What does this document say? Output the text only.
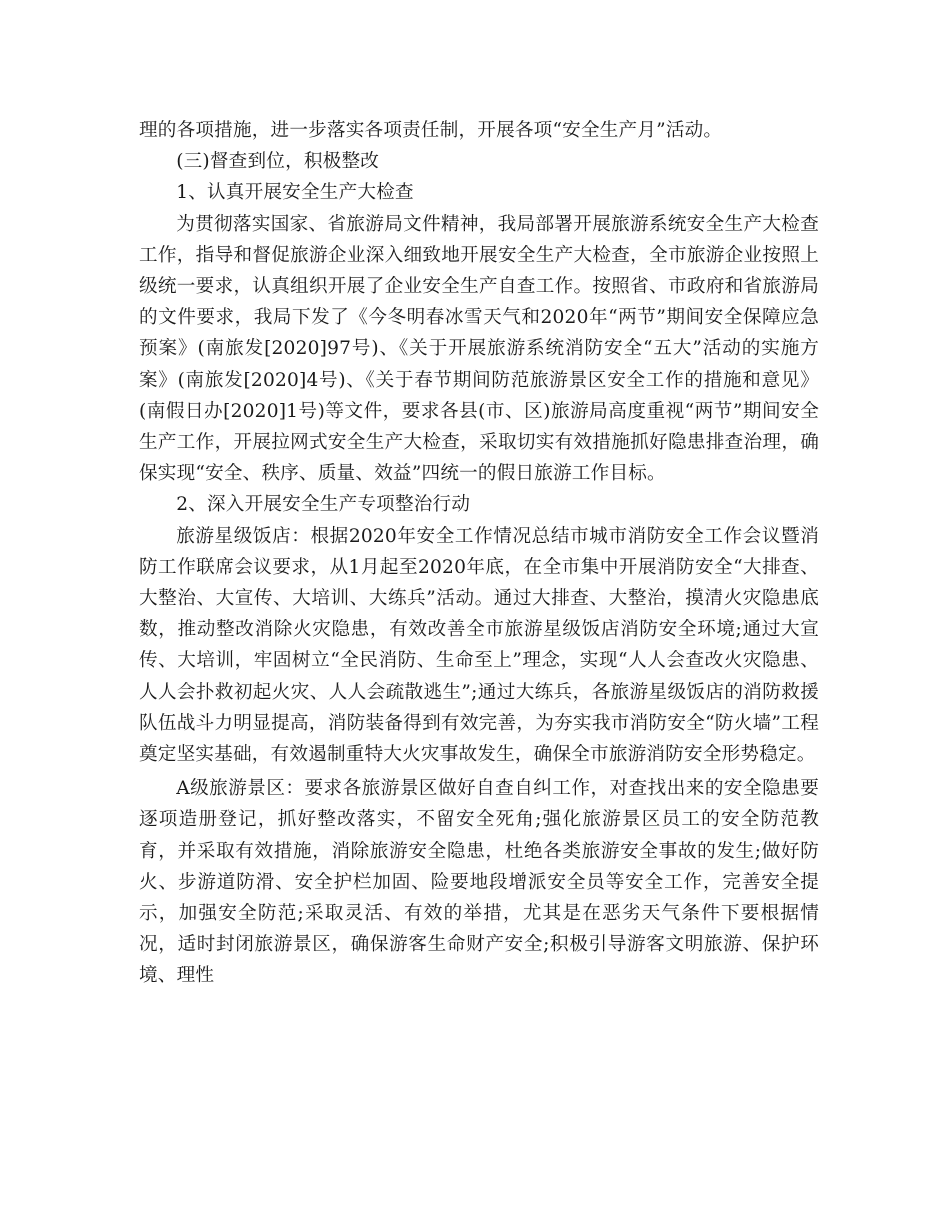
理的各项措施，进一步落实各项责任制，开展各项“安全生产月”活动。

(三)督查到位，积极整改

1、认真开展安全生产大检查

为贯彻落实国家、省旅游局文件精神，我局部署开展旅游系统安全生产大检查工作，指导和督促旅游企业深入细致地开展安全生产大检查，全市旅游企业按照上级统一要求，认真组织开展了企业安全生产自查工作。按照省、市政府和省旅游局的文件要求，我局下发了《今冬明春冰雪天气和2020年“两节”期间安全保障应急预案》(南旅发[2020]97号)、《关于开展旅游系统消防安全“五大”活动的实施方案》(南旅发[2020]4号)、《关于春节期间防范旅游景区安全工作的措施和意见》(南假日办[2020]1号)等文件，要求各县(市、区)旅游局高度重视“两节”期间安全生产工作，开展拉网式安全生产大检查，采取切实有效措施抓好隐患排查治理，确保实现“安全、秩序、质量、效益”四统一的假日旅游工作目标。

2、深入开展安全生产专项整治行动

旅游星级饭店：根据2020年安全工作情况总结市城市消防安全工作会议暨消防工作联席会议要求，从1月起至2020年底，在全市集中开展消防安全“大排查、大整治、大宣传、大培训、大练兵”活动。通过大排查、大整治，摸清火灾隐患底数，推动整改消除火灾隐患，有效改善全市旅游星级饭店消防安全环境;通过大宣传、大培训，牢固树立“全民消防、生命至上”理念，实现“人人会查改火灾隐患、人人会扑救初起火灾、人人会疏散逃生”;通过大练兵，各旅游星级饭店的消防救援队伍战斗力明显提高，消防装备得到有效完善，为夯实我市消防安全“防火墙”工程奠定坚实基础，有效遏制重特大火灾事故发生，确保全市旅游消防安全形势稳定。

A级旅游景区：要求各旅游景区做好自查自纠工作，对查找出来的安全隐患要逐项造册登记，抓好整改落实，不留安全死角;强化旅游景区员工的安全防范教育，并采取有效措施，消除旅游安全隐患，杜绝各类旅游安全事故的发生;做好防火、步游道防滑、安全护栏加固、险要地段增派安全员等安全工作，完善安全提示，加强安全防范;采取灵活、有效的举措，尤其是在恶劣天气条件下要根据情况，适时封闭旅游景区，确保游客生命财产安全;积极引导游客文明旅游、保护环境、理性
